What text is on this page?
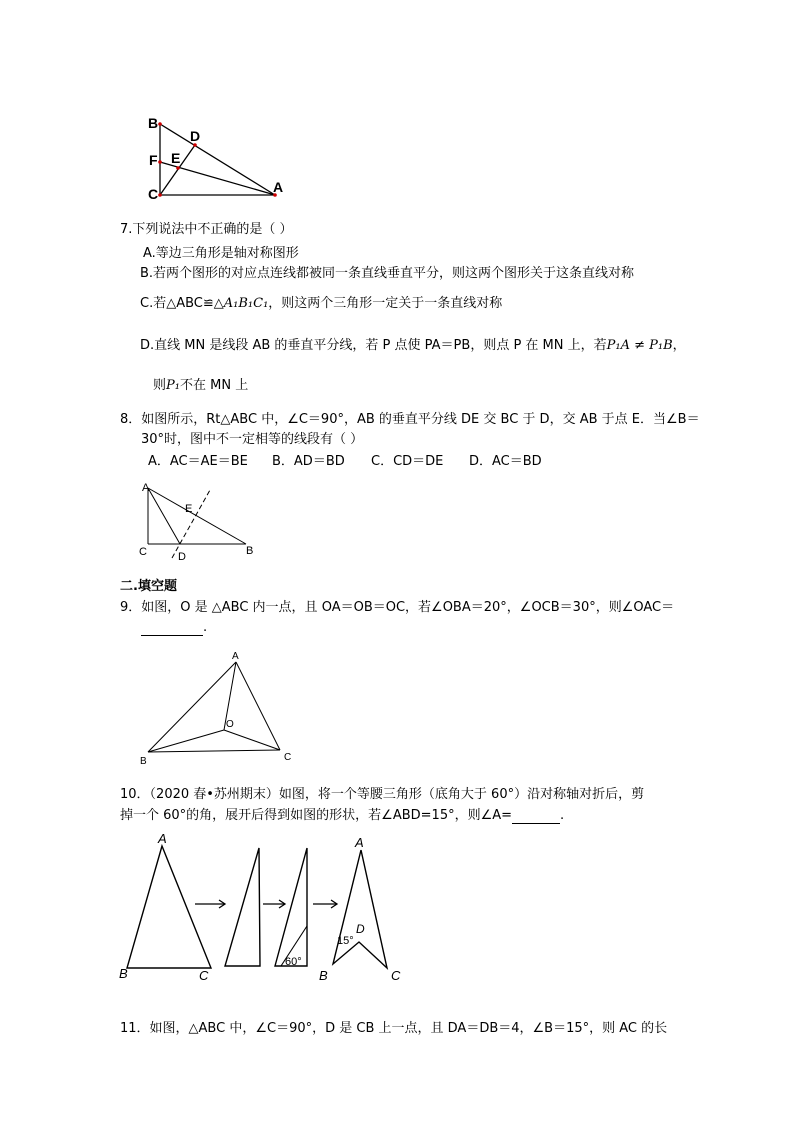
B
D
F E
C	A
7.下列说法中不正确的是（ ）
A.等边三角形是轴对称图形
B.若两个图形的对应点连线都被同一条直线垂直平分，则这两个图形关于这条直线对称
C.若△ABC≌△A₁B₁C₁，则这两个三角形一定关于一条直线对称
D.直线 MN 是线段 AB 的垂直平分线，若 P 点使 PA＝PB，则点 P 在 MN 上，若P₁A ≠ P₁B，
则P₁不在 MN 上
8．如图所示，Rt△ABC 中，∠C＝90°，AB 的垂直平分线 DE 交 BC 于 D，交 AB 于点 E．当∠B＝
30°时，图中不一定相等的线段有（ ）
A．AC＝AE＝BE B．AD＝BD C．CD＝DE D．AC＝BD
A
E
C	D	B
二.填空题
9．如图，O 是 △ABC 内一点，且 OA＝OB＝OC，若∠OBA＝20°，∠OCB＝30°，则∠OAC＝
.
A
O
B	C
10．（2020 春•苏州期末）如图，将一个等腰三角形（底角大于 60°）沿对称轴对折后，剪
掉一个 60°的角，展开后得到如图的形状，若∠ABD=15°，则∠A=	.
A
B	C
60°
A
D
15°
B	C
11．如图，△ABC 中，∠C＝90°，D 是 CB 上一点，且 DA＝DB＝4，∠B＝15°，则 AC 的长
